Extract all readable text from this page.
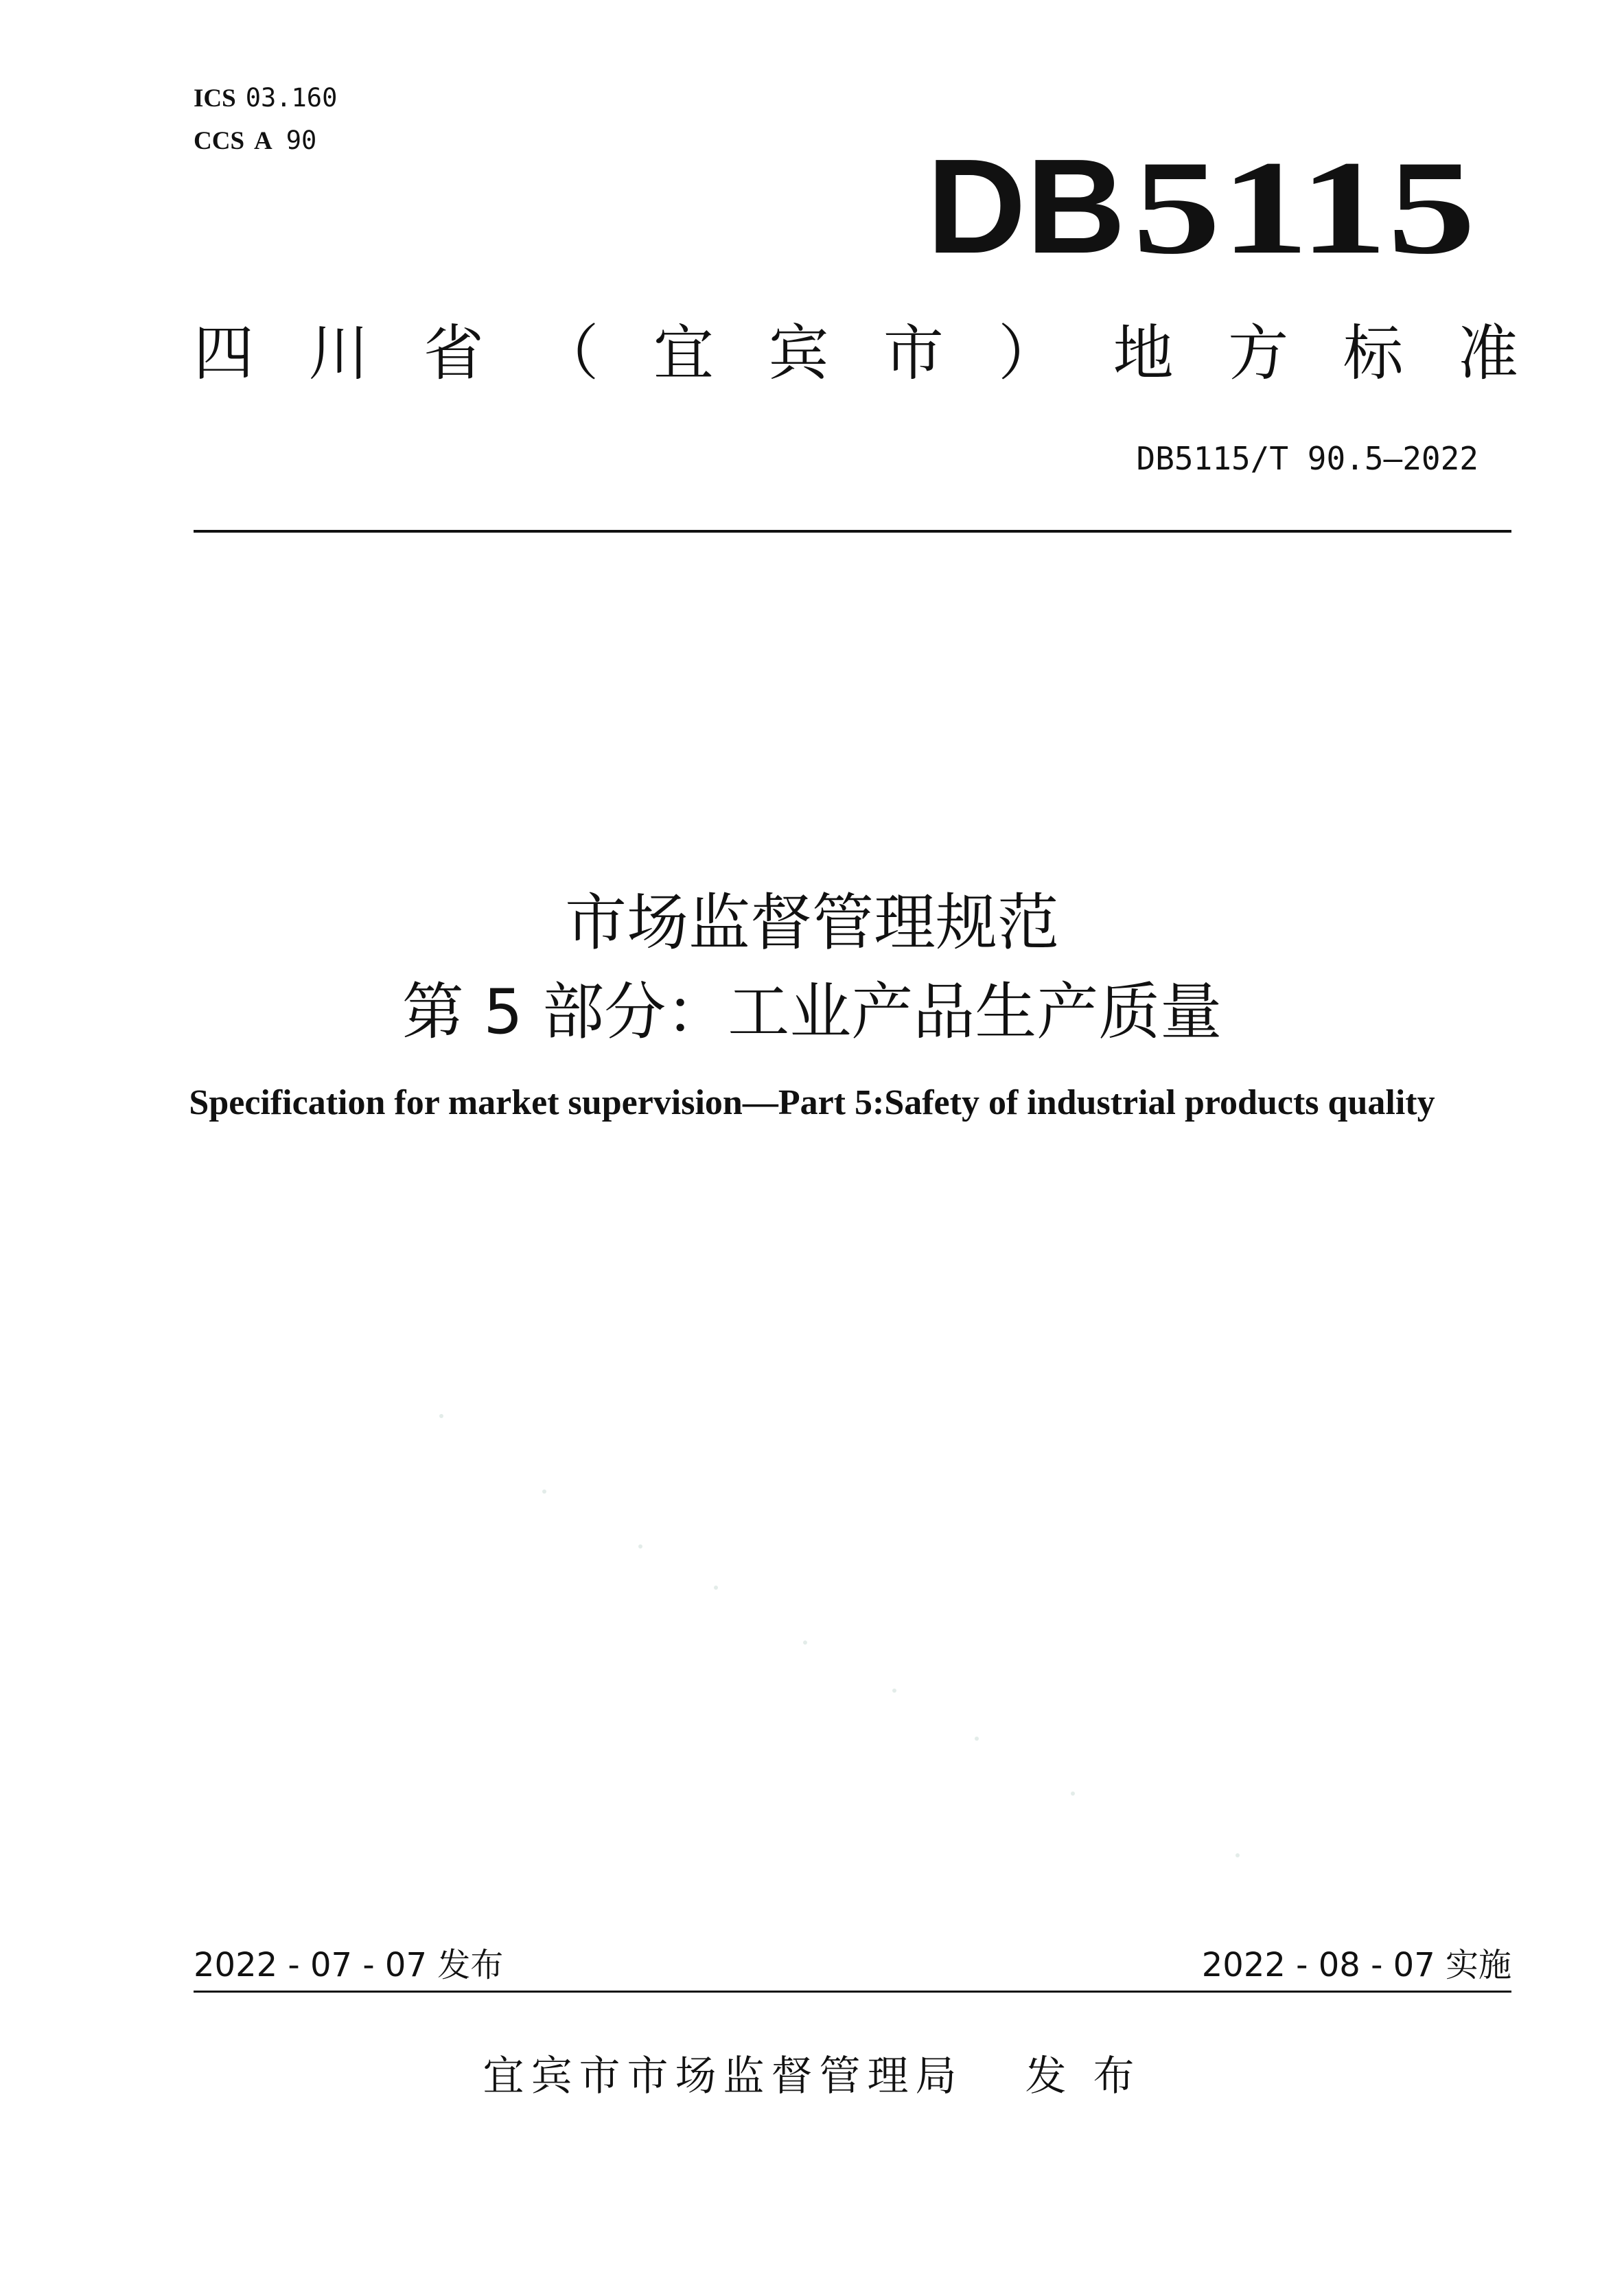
ICS 03.160
CCS A 90	DB 5115
四 川 省 （ 宜 宾 市 ） 地 方 标 准
DB5115/T 90.5—2022
市场监督管理规范
第 5 部分：工业产品生产质量
Specification for market supervision—Part 5:Safety of industrial products quality
2022 - 07 - 07 发布	2022 - 08 - 07 实施
宜宾市市场监督管理局 发 布
